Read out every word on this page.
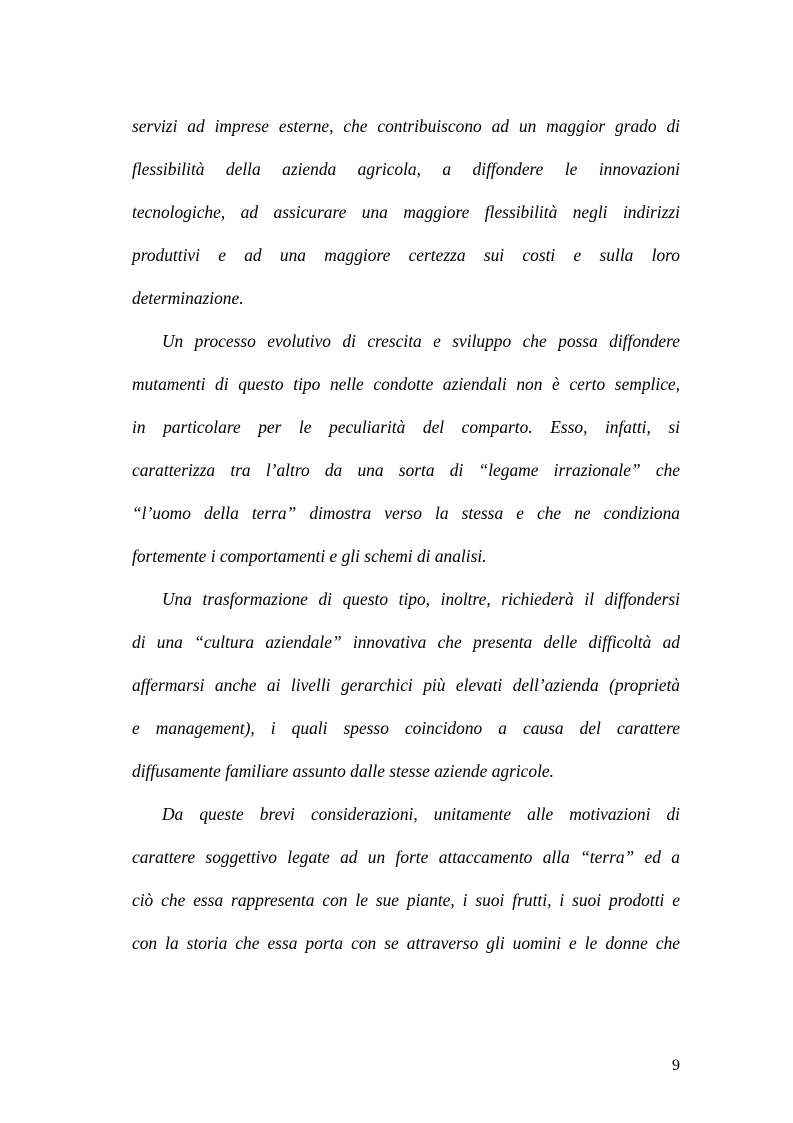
servizi ad imprese esterne, che contribuiscono ad un maggior grado di

flessibilità della azienda agricola, a diffondere le innovazioni

tecnologiche, ad assicurare una maggiore flessibilità negli indirizzi

produttivi e ad una maggiore certezza sui costi e sulla loro

determinazione.

Un processo evolutivo di crescita e sviluppo che possa diffondere

mutamenti di questo tipo nelle condotte aziendali non è certo semplice,

in particolare per le peculiarità del comparto. Esso, infatti, si

caratterizza tra l’altro da una sorta di “legame irrazionale” che

“l’uomo della terra” dimostra verso la stessa e che ne condiziona

fortemente i comportamenti e gli schemi di analisi.

Una trasformazione di questo tipo, inoltre, richiederà il diffondersi

di una “cultura aziendale” innovativa che presenta delle difficoltà ad

affermarsi anche ai livelli gerarchici più elevati dell’azienda (proprietà

e management), i quali spesso coincidono a causa del carattere

diffusamente familiare assunto dalle stesse aziende agricole.

Da queste brevi considerazioni, unitamente alle motivazioni di

carattere soggettivo legate ad un forte attaccamento alla “terra” ed a

ciò che essa rappresenta con le sue piante, i suoi frutti, i suoi prodotti e

con la storia che essa porta con se attraverso gli uomini e le donne che

9
